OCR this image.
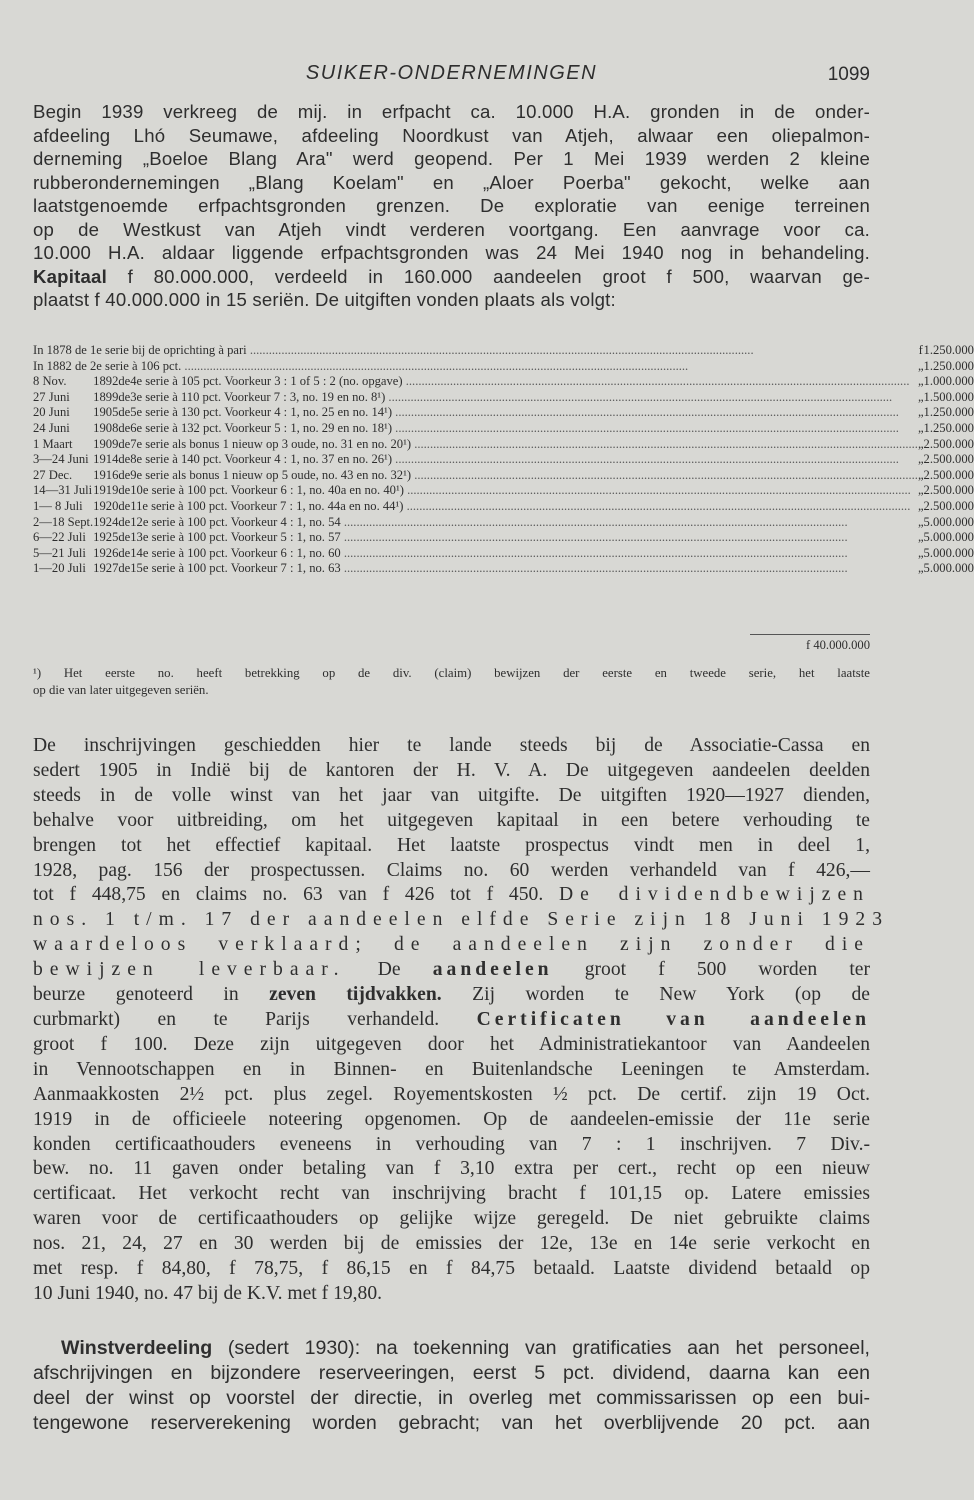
SUIKER-ONDERNEMINGEN	1099
Begin 1939 verkreeg de mij. in erfpacht ca. 10.000 H.A. gronden in de onder-
afdeeling Lhó Seumawe, afdeeling Noordkust van Atjeh, alwaar een oliepalmon-
derneming „Boeloe Blang Ara" werd geopend. Per 1 Mei 1939 werden 2 kleine
rubberondernemingen „Blang Koelam" en „Aloer Poerba" gekocht, welke aan
laatstgenoemde erfpachtsgronden grenzen. De exploratie van eenige terreinen
op de Westkust van Atjeh vindt verderen voortgang. Een aanvrage voor ca.
10.000 H.A. aldaar liggende erfpachtsgronden was 24 Mei 1940 nog in behandeling.
Kapitaal f 80.000.000, verdeeld in 160.000 aandeelen groot f 500, waarvan ge-
plaatst f 40.000.000 in 15 seriën. De uitgiften vonden plaats als volgt:
In 1878 de 1e serie bij de oprichting à pari ................................................................................................................................................................				f	1.250.000
In 1882 de 2e serie à 106 pct. ................................................................................................................................................................				„	1.250.000
8 Nov.	1892	de	4e serie à 105 pct. Voorkeur 3 : 1 of 5 : 2 (no. opgave) ................................................................................................................................................................	„	1.000.000
27 Juni	1899	de	3e serie à 110 pct. Voorkeur 7 : 3, no. 19 en no. 8¹) ................................................................................................................................................................	„	1.500.000
20 Juni	1905	de	5e serie à 130 pct. Voorkeur 4 : 1, no. 25 en no. 14¹) ................................................................................................................................................................	„	1.250.000
24 Juni	1908	de	6e serie à 132 pct. Voorkeur 5 : 1, no. 29 en no. 18¹) ................................................................................................................................................................	„	1.250.000
1 Maart	1909	de	7e serie als bonus 1 nieuw op 3 oude, no. 31 en no. 20¹) ................................................................................................................................................................	„	2.500.000
3—24 Juni	1914	de	8e serie à 140 pct. Voorkeur 4 : 1, no. 37 en no. 26¹) ................................................................................................................................................................	„	2.500.000
27 Dec.	1916	de	9e serie als bonus 1 nieuw op 5 oude, no. 43 en no. 32¹) ................................................................................................................................................................	„	2.500.000
14—31 Juli	1919	de	10e serie à 100 pct. Voorkeur 6 : 1, no. 40a en no. 40¹) ................................................................................................................................................................	„	2.500.000
1— 8 Juli	1920	de	11e serie à 100 pct. Voorkeur 7 : 1, no. 44a en no. 44¹) ................................................................................................................................................................	„	2.500.000
2—18 Sept.	1924	de	12e serie à 100 pct. Voorkeur 4 : 1, no. 54 ................................................................................................................................................................	„	5.000.000
6—22 Juli	1925	de	13e serie à 100 pct. Voorkeur 5 : 1, no. 57 ................................................................................................................................................................	„	5.000.000
5—21 Juli	1926	de	14e serie à 100 pct. Voorkeur 6 : 1, no. 60 ................................................................................................................................................................	„	5.000.000
1—20 Juli	1927	de	15e serie à 100 pct. Voorkeur 7 : 1, no. 63 ................................................................................................................................................................	„	5.000.000
f 40.000.000
¹) Het eerste no. heeft betrekking op de div. (claim) bewijzen der eerste en tweede serie, het laatste
op die van later uitgegeven seriën.
De inschrijvingen geschiedden hier te lande steeds bij de Associatie-Cassa en
sedert 1905 in Indië bij de kantoren der H. V. A. De uitgegeven aandeelen deelden
steeds in de volle winst van het jaar van uitgifte. De uitgiften 1920—1927 dienden,
behalve voor uitbreiding, om het uitgegeven kapitaal in een betere verhouding te
brengen tot het effectief kapitaal. Het laatste prospectus vindt men in deel 1,
1928, pag. 156 der prospectussen. Claims no. 60 werden verhandeld van f 426,—
tot f 448,75 en claims no. 63 van f 426 tot f 450. De dividendbewijzen
nos. 1 t/m. 17 der aandeelen elfde Serie zijn 18 Juni 1923
waardeloos verklaard; de aandeelen zijn zonder die
bewijzen leverbaar. De aandeelen groot f 500 worden ter
beurze genoteerd in zeven tijdvakken. Zij worden te New York (op de
curbmarkt) en te Parijs verhandeld. Certificaten van aandeelen
groot f 100. Deze zijn uitgegeven door het Administratiekantoor van Aandeelen
in Vennootschappen en in Binnen- en Buitenlandsche Leeningen te Amsterdam.
Aanmaakkosten 2½ pct. plus zegel. Royementskosten ½ pct. De certif. zijn 19 Oct.
1919 in de officieele noteering opgenomen. Op de aandeelen-emissie der 11e serie
konden certificaathouders eveneens in verhouding van 7 : 1 inschrijven. 7 Div.-
bew. no. 11 gaven onder betaling van f 3,10 extra per cert., recht op een nieuw
certificaat. Het verkocht recht van inschrijving bracht f 101,15 op. Latere emissies
waren voor de certificaathouders op gelijke wijze geregeld. De niet gebruikte claims
nos. 21, 24, 27 en 30 werden bij de emissies der 12e, 13e en 14e serie verkocht en
met resp. f 84,80, f 78,75, f 86,15 en f 84,75 betaald. Laatste dividend betaald op
10 Juni 1940, no. 47 bij de K.V. met f 19,80.
Winstverdeeling (sedert 1930): na toekenning van gratificaties aan het personeel,
afschrijvingen en bijzondere reserveeringen, eerst 5 pct. dividend, daarna kan een
deel der winst op voorstel der directie, in overleg met commissarissen op een bui-
tengewone reserverekening worden gebracht; van het overblijvende 20 pct. aan
